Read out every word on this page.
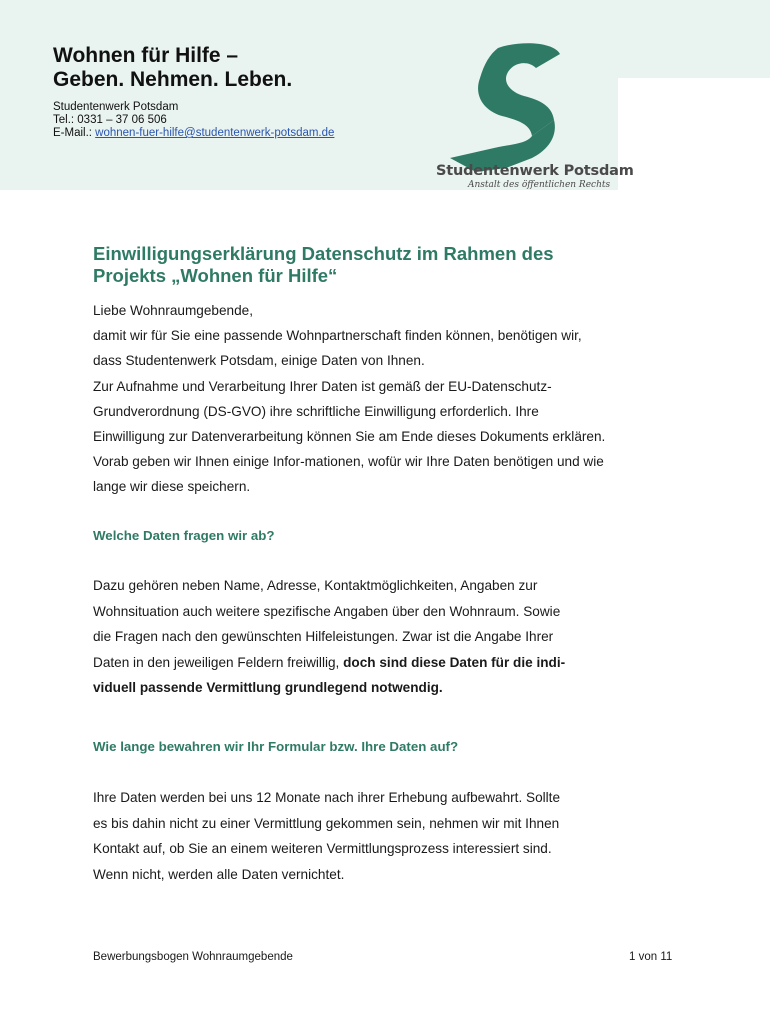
Wohnen für Hilfe –
Geben. Nehmen. Leben.
Studentenwerk Potsdam
Tel.: 0331 – 37 06 506
E-Mail.: wohnen-fuer-hilfe@studentenwerk-potsdam.de
Studentenwerk Potsdam
Anstalt des öffentlichen Rechts
Einwilligungserklärung Datenschutz im Rahmen des
Projekts „Wohnen für Hilfe“
Liebe Wohnraumgebende,
damit wir für Sie eine passende Wohnpartnerschaft finden können, benötigen wir,
dass Studentenwerk Potsdam, einige Daten von Ihnen.
Zur Aufnahme und Verarbeitung Ihrer Daten ist gemäß der EU-Datenschutz-
Grundverordnung (DS-GVO) ihre schriftliche Einwilligung erforderlich. Ihre
Einwilligung zur Datenverarbeitung können Sie am Ende dieses Dokuments erklären.
Vorab geben wir Ihnen einige Infor-mationen, wofür wir Ihre Daten benötigen und wie
lange wir diese speichern.
Welche Daten fragen wir ab?
Dazu gehören neben Name, Adresse, Kontaktmöglichkeiten, Angaben zur
Wohnsituation auch weitere spezifische Angaben über den Wohnraum. Sowie
die Fragen nach den gewünschten Hilfeleistungen. Zwar ist die Angabe Ihrer
Daten in den jeweiligen Feldern freiwillig, doch sind diese Daten für die indi-
viduell passende Vermittlung grundlegend notwendig.
Wie lange bewahren wir Ihr Formular bzw. Ihre Daten auf?
Ihre Daten werden bei uns 12 Monate nach ihrer Erhebung aufbewahrt. Sollte
es bis dahin nicht zu einer Vermittlung gekommen sein, nehmen wir mit Ihnen
Kontakt auf, ob Sie an einem weiteren Vermittlungsprozess interessiert sind.
Wenn nicht, werden alle Daten vernichtet.
Bewerbungsbogen Wohnraumgebende	1 von 11
